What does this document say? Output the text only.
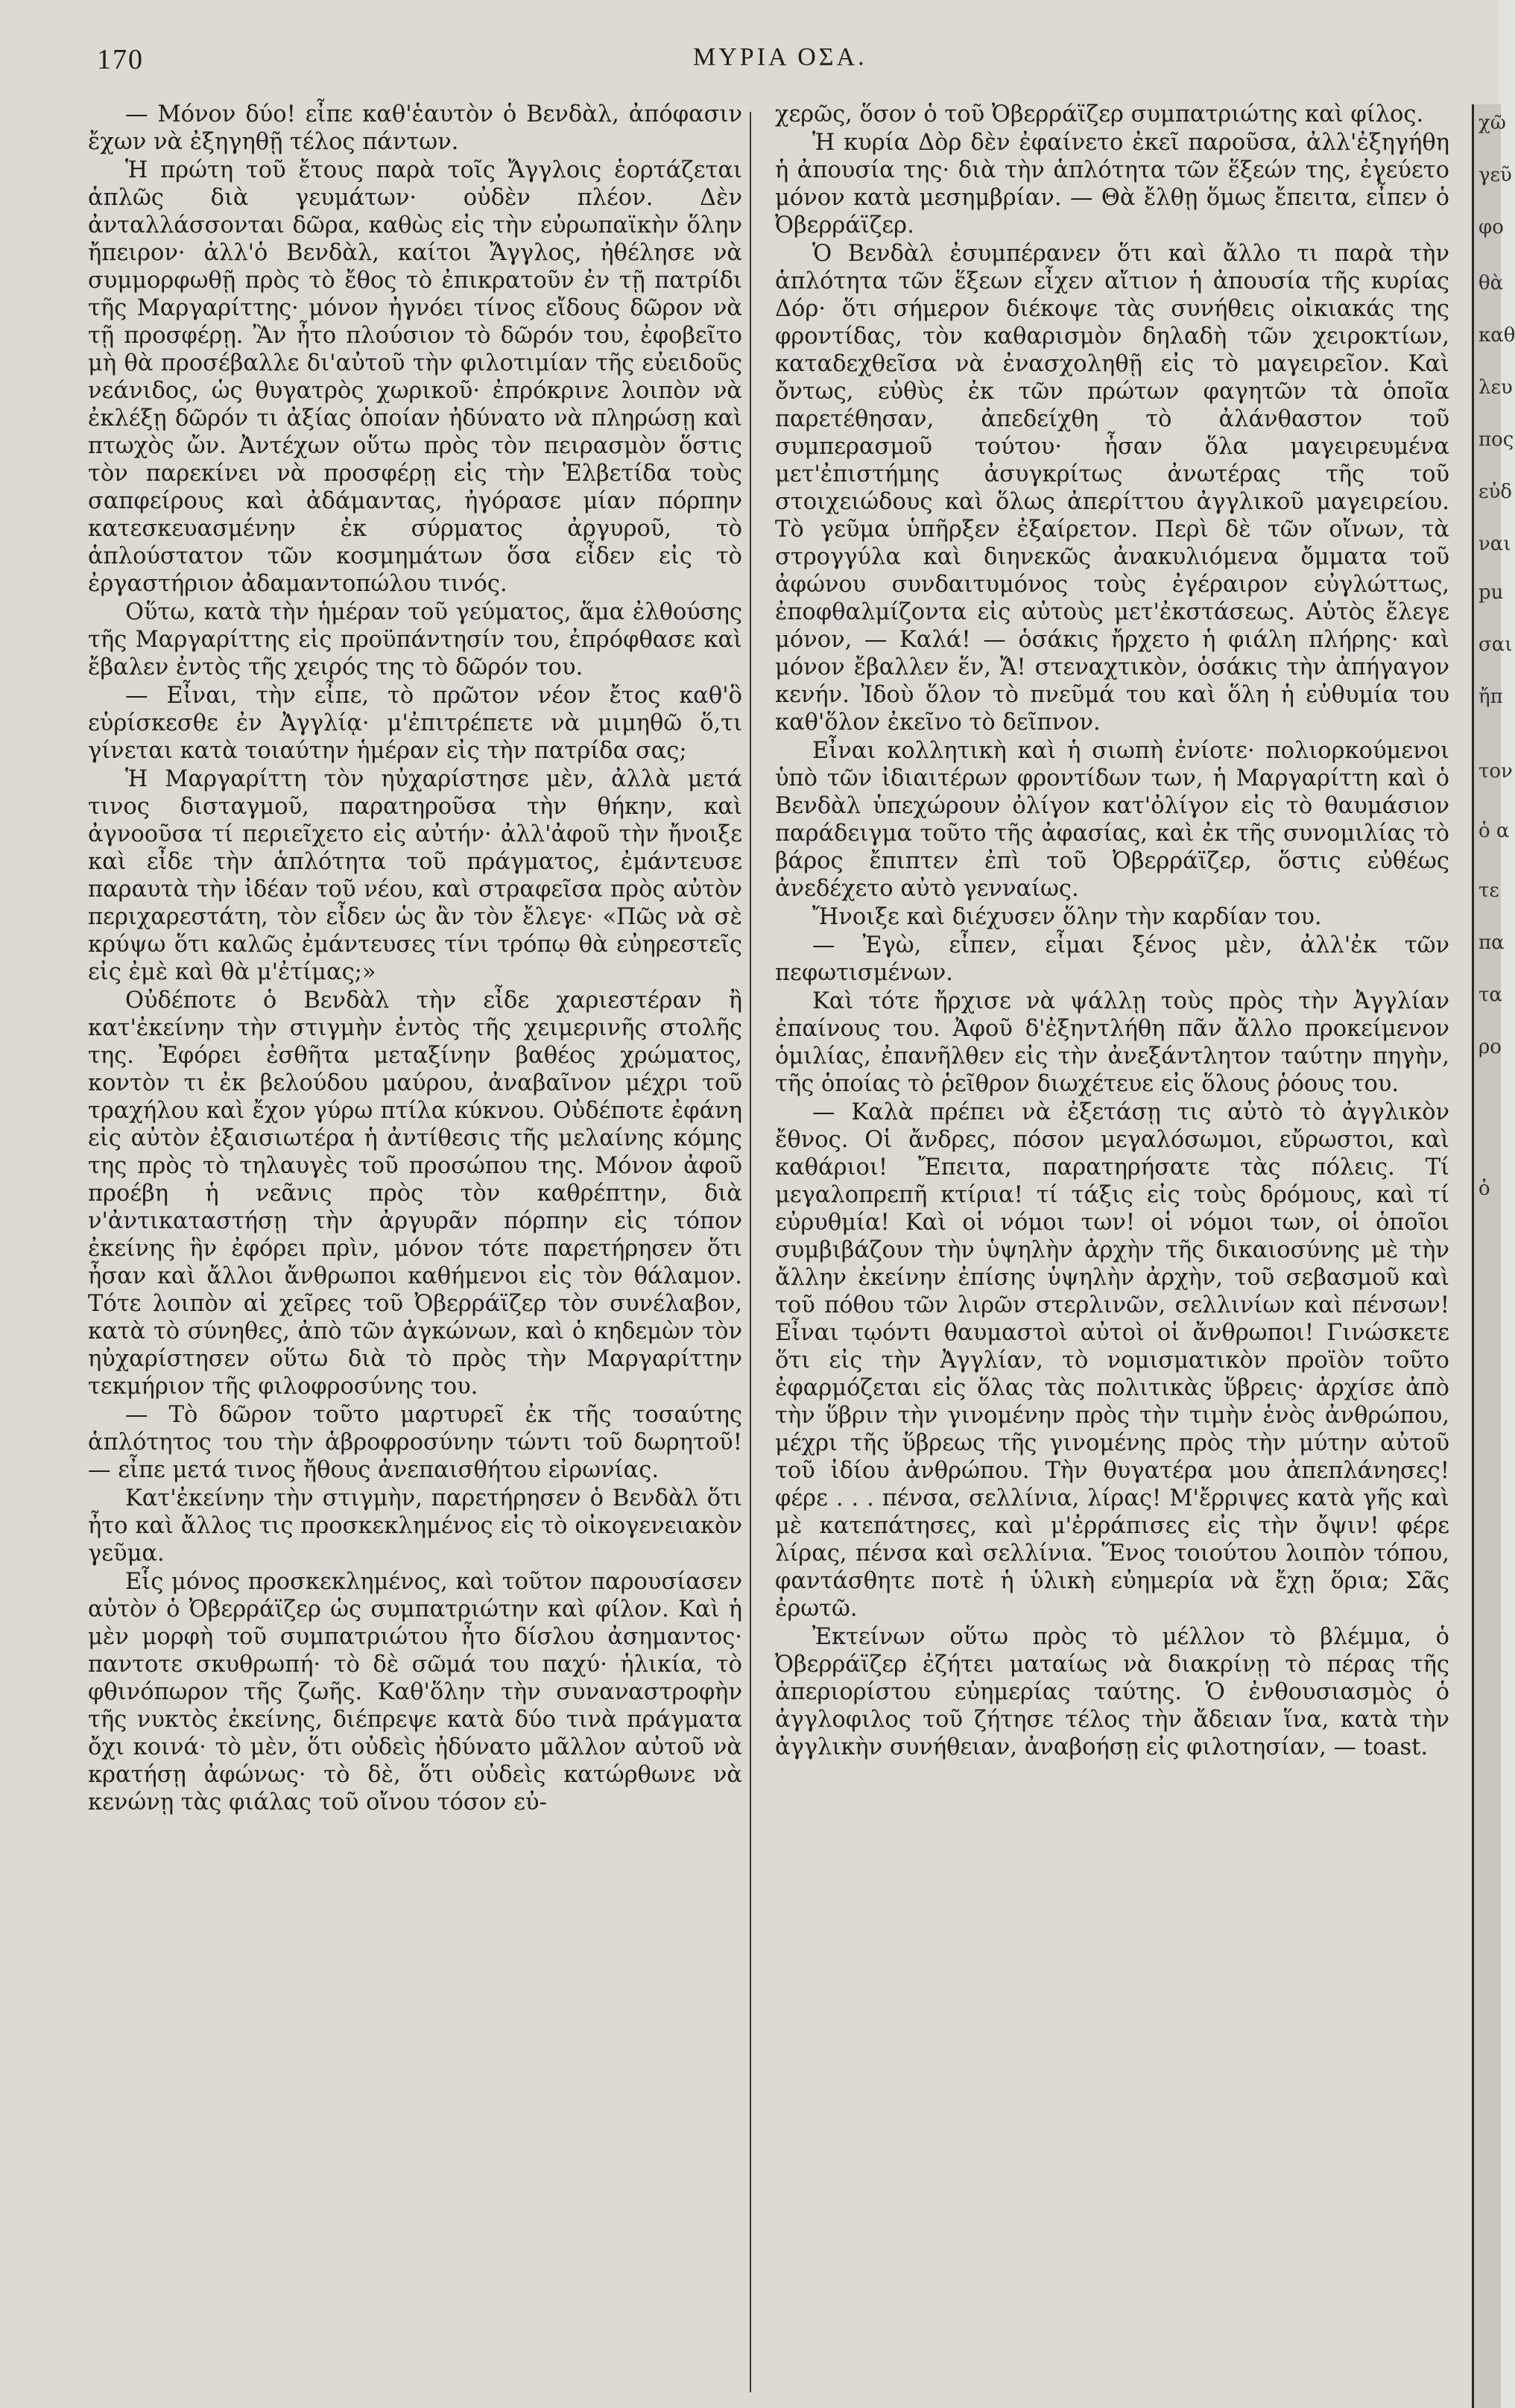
170	ΜΥΡΙΑ ΟΣΑ.

— Μόνον δύο! εἶπε καθ'ἑαυτὸν ὁ Βενδὰλ, ἀπόφασιν ἔχων νὰ ἐξηγηθῇ τέλος πάντων.

Ἡ πρώτη τοῦ ἔτους παρὰ τοῖς Ἄγγλοις ἑορτάζεται ἁπλῶς διὰ γευμάτων· οὐδὲν πλέον. Δὲν ἀνταλλάσσονται δῶρα, καθὼς εἰς τὴν εὐρωπαϊκὴν ὅλην ἤπειρον· ἀλλ'ὁ Βενδὰλ, καίτοι Ἄγγλος, ἠθέλησε νὰ συμμορφωθῇ πρὸς τὸ ἔθος τὸ ἐπικρατοῦν ἐν τῇ πατρίδι τῆς Μαργαρίττης· μόνον ἠγνόει τίνος εἴδους δῶρον νὰ τῇ προσφέρῃ. Ἂν ἦτο πλούσιον τὸ δῶρόν του, ἐφοβεῖτο μὴ θὰ προσέβαλλε δι'αὐτοῦ τὴν φιλοτιμίαν τῆς εὐειδοῦς νεάνιδος, ὡς θυγατρὸς χωρικοῦ· ἐπρόκρινε λοιπὸν νὰ ἐκλέξῃ δῶρόν τι ἀξίας ὁποίαν ἠδύνατο νὰ πληρώσῃ καὶ πτωχὸς ὤν. Ἀντέχων οὕτω πρὸς τὸν πειρασμὸν ὅστις τὸν παρεκίνει νὰ προσφέρῃ εἰς τὴν Ἑλβετίδα τοὺς σαπφείρους καὶ ἀδάμαντας, ἠγόρασε μίαν πόρπην κατεσκευασμένην ἐκ σύρματος ἀργυροῦ, τὸ ἁπλούστατον τῶν κοσμημάτων ὅσα εἶδεν εἰς τὸ ἐργαστήριον ἀδαμαντοπώλου τινός.

Οὕτω, κατὰ τὴν ἡμέραν τοῦ γεύματος, ἅμα ἐλθούσης τῆς Μαργαρίττης εἰς προϋπάντησίν του, ἐπρόφθασε καὶ ἔβαλεν ἐντὸς τῆς χειρός της τὸ δῶρόν του.

— Εἶναι, τὴν εἶπε, τὸ πρῶτον νέον ἔτος καθ'ὃ εὑρίσκεσθε ἐν Ἀγγλίᾳ· μ'ἐπιτρέπετε νὰ μιμηθῶ ὅ,τι γίνεται κατὰ τοιαύτην ἡμέραν εἰς τὴν πατρίδα σας;

Ἡ Μαργαρίττη τὸν ηὐχαρίστησε μὲν, ἀλλὰ μετά τινος δισταγμοῦ, παρατηροῦσα τὴν θήκην, καὶ ἀγνοοῦσα τί περιεῖχετο εἰς αὐτήν· ἀλλ'ἀφοῦ τὴν ἤνοιξε καὶ εἶδε τὴν ἁπλότητα τοῦ πράγματος, ἐμάντευσε παραυτὰ τὴν ἰδέαν τοῦ νέου, καὶ στραφεῖσα πρὸς αὐτὸν περιχαρεστάτη, τὸν εἶδεν ὡς ἂν τὸν ἔλεγε· «Πῶς νὰ σὲ κρύψω ὅτι καλῶς ἐμάντευσες τίνι τρόπῳ θὰ εὐηρεστεῖς εἰς ἐμὲ καὶ θὰ μ'ἐτίμας;»

Οὐδέποτε ὁ Βενδὰλ τὴν εἶδε χαριεστέραν ἢ κατ'ἐκείνην τὴν στιγμὴν ἐντὸς τῆς χειμερινῆς στολῆς της. Ἐφόρει ἐσθῆτα μεταξίνην βαθέος χρώματος, κοντὸν τι ἐκ βελούδου μαύρου, ἀναβαῖνον μέχρι τοῦ τραχήλου καὶ ἔχον γύρω πτίλα κύκνου. Οὐδέποτε ἐφάνη εἰς αὐτὸν ἐξαισιωτέρα ἡ ἀντίθεσις τῆς μελαίνης κόμης της πρὸς τὸ τηλαυγὲς τοῦ προσώπου της. Μόνον ἀφοῦ προέβη ἡ νεᾶνις πρὸς τὸν καθρέπτην, διὰ ν'ἀντικαταστήσῃ τὴν ἀργυρᾶν πόρπην εἰς τόπον ἐκείνης ἣν ἐφόρει πρὶν, μόνον τότε παρετήρησεν ὅτι ἦσαν καὶ ἄλλοι ἄνθρωποι καθήμενοι εἰς τὸν θάλαμον. Τότε λοιπὸν αἱ χεῖρες τοῦ Ὀβερράϊζερ τὸν συνέλαβον, κατὰ τὸ σύνηθες, ἀπὸ τῶν ἀγκώνων, καὶ ὁ κηδεμὼν τὸν ηὐχαρίστησεν οὕτω διὰ τὸ πρὸς τὴν Μαργαρίττην τεκμήριον τῆς φιλοφροσύνης του.

— Τὸ δῶρον τοῦτο μαρτυρεῖ ἐκ τῆς τοσαύτης ἁπλότητος του τὴν ἁβροφροσύνην τώντι τοῦ δωρητοῦ! — εἶπε μετά τινος ἤθους ἀνεπαισθήτου εἰρωνίας.

Κατ'ἐκείνην τὴν στιγμὴν, παρετήρησεν ὁ Βενδὰλ ὅτι ἦτο καὶ ἄλλος τις προσκεκλημένος εἰς τὸ οἰκογενειακὸν γεῦμα.

Εἷς μόνος προσκεκλημένος, καὶ τοῦτον παρουσίασεν αὐτὸν ὁ Ὀβερράϊζερ ὡς συμπατριώτην καὶ φίλον. Καὶ ἡ μὲν μορφὴ τοῦ συμπατριώτου ἦτο δίσλου ἀσημαντος· παντοτε σκυθρωπή· τὸ δὲ σῶμά του παχύ· ἡλικία, τὸ φθινόπωρον τῆς ζωῆς. Καθ'ὅλην τὴν συναναστροφὴν τῆς νυκτὸς ἐκείνης, διέπρεψε κατὰ δύο τινὰ πράγματα ὄχι κοινά· τὸ μὲν, ὅτι οὐδεὶς ἠδύνατο μᾶλλον αὐτοῦ νὰ κρατήσῃ ἀφώνως· τὸ δὲ, ὅτι οὐδεὶς κατώρθωνε νὰ κενώνῃ τὰς φιάλας τοῦ οἴνου τόσον εὐ-

χερῶς, ὅσον ὁ τοῦ Ὀβερράϊζερ συμπατριώτης καὶ φίλος.

Ἡ κυρία Δὸρ δὲν ἐφαίνετο ἐκεῖ παροῦσα, ἀλλ'ἐξηγήθη ἡ ἀπουσία της· διὰ τὴν ἁπλότητα τῶν ἕξεών της, ἐγεύετο μόνον κατὰ μεσημβρίαν. — Θὰ ἔλθῃ ὅμως ἔπειτα, εἶπεν ὁ Ὀβερράϊζερ.

Ὁ Βενδὰλ ἐσυμπέρανεν ὅτι καὶ ἄλλο τι παρὰ τὴν ἁπλότητα τῶν ἕξεων εἶχεν αἴτιον ἡ ἀπουσία τῆς κυρίας Δόρ· ὅτι σήμερον διέκοψε τὰς συνήθεις οἰκιακάς της φροντίδας, τὸν καθαρισμὸν δηλαδὴ τῶν χειροκτίων, καταδεχθεῖσα νὰ ἐνασχοληθῇ εἰς τὸ μαγειρεῖον. Καὶ ὄντως, εὐθὺς ἐκ τῶν πρώτων φαγητῶν τὰ ὁποῖα παρετέθησαν, ἀπεδείχθη τὸ ἀλάνθαστον τοῦ συμπερασμοῦ τούτου· ἦσαν ὅλα μαγειρευμένα μετ'ἐπιστήμης ἀσυγκρίτως ἀνωτέρας τῆς τοῦ στοιχειώδους καὶ ὅλως ἀπερίττου ἀγγλικοῦ μαγειρείου. Τὸ γεῦμα ὑπῆρξεν ἐξαίρετον. Περὶ δὲ τῶν οἴνων, τὰ στρογγύλα καὶ διηνεκῶς ἀνακυλιόμενα ὄμματα τοῦ ἀφώνου συνδαιτυμόνος τοὺς ἐγέραιρον εὐγλώττως, ἐποφθαλμίζοντα εἰς αὐτοὺς μετ'ἐκστάσεως. Αὐτὸς ἔλεγε μόνον, — Καλά! — ὁσάκις ἤρχετο ἡ φιάλη πλήρης· καὶ μόνον ἔβαλλεν ἕν, Ἄ! στεναχτικὸν, ὁσάκις τὴν ἀπήγαγον κενήν. Ἰδοὺ ὅλον τὸ πνεῦμά του καὶ ὅλη ἡ εὐθυμία του καθ'ὅλον ἐκεῖνο τὸ δεῖπνον.

Εἶναι κολλητικὴ καὶ ἡ σιωπὴ ἐνίοτε· πολιορκούμενοι ὑπὸ τῶν ἰδιαιτέρων φροντίδων των, ἡ Μαργαρίττη καὶ ὁ Βενδὰλ ὑπεχώρουν ὀλίγον κατ'ὀλίγον εἰς τὸ θαυμάσιον παράδειγμα τοῦτο τῆς ἀφασίας, καὶ ἐκ τῆς συνομιλίας τὸ βάρος ἔπιπτεν ἐπὶ τοῦ Ὀβερράϊζερ, ὅστις εὐθέως ἀνεδέχετο αὐτὸ γενναίως.

Ἤνοιξε καὶ διέχυσεν ὅλην τὴν καρδίαν του.

— Ἐγὼ, εἶπεν, εἶμαι ξένος μὲν, ἀλλ'ἐκ τῶν πεφωτισμένων.

Καὶ τότε ἤρχισε νὰ ψάλλῃ τοὺς πρὸς τὴν Ἀγγλίαν ἐπαίνους του. Ἀφοῦ δ'ἐξηντλήθη πᾶν ἄλλο προκείμενον ὁμιλίας, ἐπανῆλθεν εἰς τὴν ἀνεξάντλητον ταύτην πηγὴν, τῆς ὁποίας τὸ ῥεῖθρον διωχέτευε εἰς ὅλους ῥόους του.

— Καλὰ πρέπει νὰ ἐξετάσῃ τις αὐτὸ τὸ ἀγγλικὸν ἔθνος. Οἱ ἄνδρες, πόσον μεγαλόσωμοι, εὔρωστοι, καὶ καθάριοι! Ἔπειτα, παρατηρήσατε τὰς πόλεις. Τί μεγαλοπρεπῆ κτίρια! τί τάξις εἰς τοὺς δρόμους, καὶ τί εὐρυθμία! Καὶ οἱ νόμοι των! οἱ νόμοι των, οἱ ὁποῖοι συμβιβάζουν τὴν ὑψηλὴν ἀρχὴν τῆς δικαιοσύνης μὲ τὴν ἄλλην ἐκείνην ἐπίσης ὑψηλὴν ἀρχὴν, τοῦ σεβασμοῦ καὶ τοῦ πόθου τῶν λιρῶν στερλινῶν, σελλινίων καὶ πένσων! Εἶναι τῳόντι θαυμαστοὶ αὐτοὶ οἱ ἄνθρωποι! Γινώσκετε ὅτι εἰς τὴν Ἀγγλίαν, τὸ νομισματικὸν προϊὸν τοῦτο ἐφαρμόζεται εἰς ὅλας τὰς πολιτικὰς ὕβρεις· ἀρχίσε ἀπὸ τὴν ὕβριν τὴν γινομένην πρὸς τὴν τιμὴν ἑνὸς ἀνθρώπου, μέχρι τῆς ὕβρεως τῆς γινομένης πρὸς τὴν μύτην αὐτοῦ τοῦ ἰδίου ἀνθρώπου. Τὴν θυγατέρα μου ἀπεπλάνησες! φέρε . . . πένσα, σελλίνια, λίρας! Μ'ἔρριψες κατὰ γῆς καὶ μὲ κατεπάτησες, καὶ μ'ἐρράπισες εἰς τὴν ὄψιν! φέρε λίρας, πένσα καὶ σελλίνια. Ἕνος τοιούτου λοιπὸν τόπου, φαντάσθητε ποτὲ ἡ ὑλικὴ εὐημερία νὰ ἔχῃ ὅρια; Σᾶς ἐρωτῶ.

Ἐκτείνων οὕτω πρὸς τὸ μέλλον τὸ βλέμμα, ὁ Ὀβερράϊζερ ἐζήτει ματαίως νὰ διακρίνῃ τὸ πέρας τῆς ἀπεριορίστου εὐημερίας ταύτης. Ὁ ἐνθουσιασμὸς ὁ ἀγγλοφιλος τοῦ ζήτησε τέλος τὴν ἄδειαν ἵνα, κατὰ τὴν ἀγγλικὴν συνήθειαν, ἀναβοήσῃ εἰς φιλοτησίαν, — toast.

χῶ
γεῦ
φο
θὰ
καθ
λευ
πος
εὐδ
ναι
pu
σαι
ἤπ
τον
ὁ α
τε
πα
τα
ρο
ὁ
